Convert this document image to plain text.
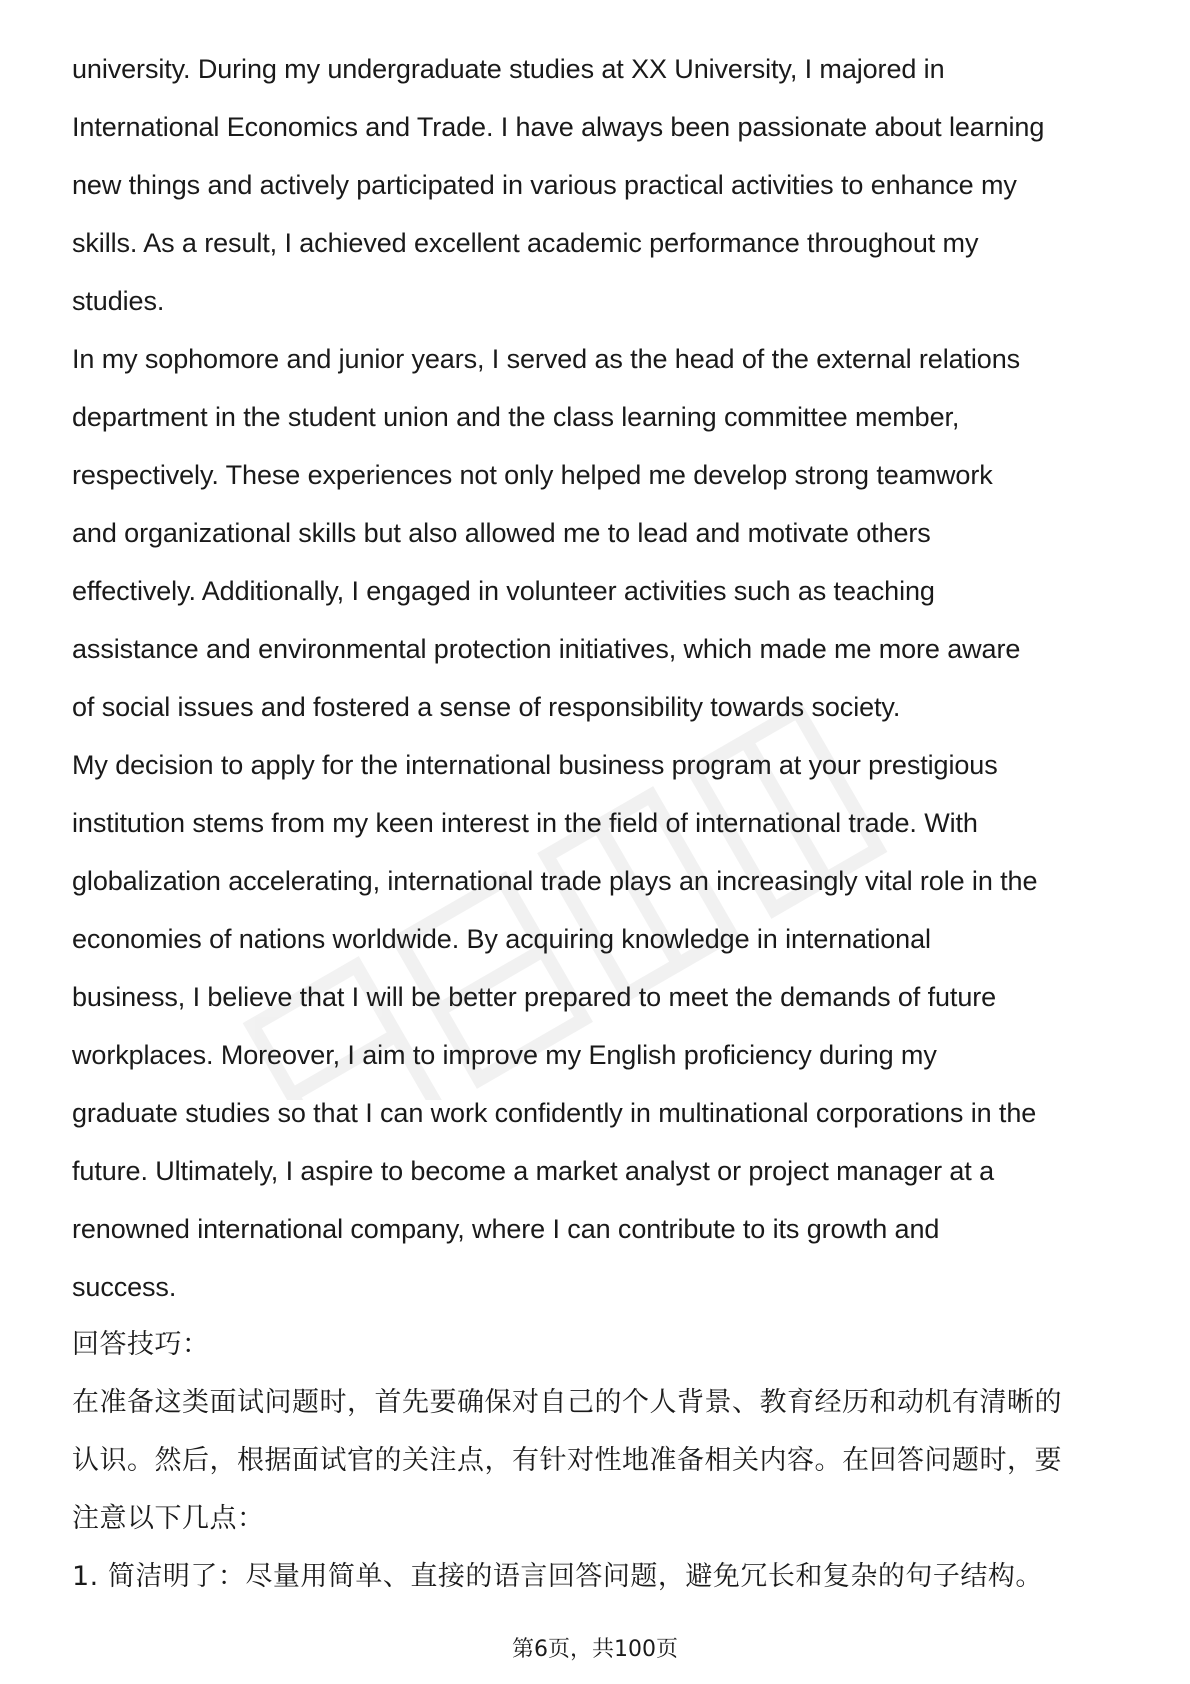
university. During my undergraduate studies at XX University, I majored in
International Economics and Trade. I have always been passionate about learning
new things and actively participated in various practical activities to enhance my
skills. As a result, I achieved excellent academic performance throughout my
studies.
In my sophomore and junior years, I served as the head of the external relations
department in the student union and the class learning committee member,
respectively. These experiences not only helped me develop strong teamwork
and organizational skills but also allowed me to lead and motivate others
effectively. Additionally, I engaged in volunteer activities such as teaching
assistance and environmental protection initiatives, which made me more aware
of social issues and fostered a sense of responsibility towards society.
My decision to apply for the international business program at your prestigious
institution stems from my keen interest in the field of international trade. With
globalization accelerating, international trade plays an increasingly vital role in the
economies of nations worldwide. By acquiring knowledge in international
business, I believe that I will be better prepared to meet the demands of future
workplaces. Moreover, I aim to improve my English proficiency during my
graduate studies so that I can work confidently in multinational corporations in the
future. Ultimately, I aspire to become a market analyst or project manager at a
renowned international company, where I can contribute to its growth and
success.
回答技巧：
在准备这类面试问题时，首先要确保对自己的个人背景、教育经历和动机有清晰的
认识。然后，根据面试官的关注点，有针对性地准备相关内容。在回答问题时，要
注意以下几点：
1. 简洁明了：尽量用简单、直接的语言回答问题，避免冗长和复杂的句子结构。
第6页，共100页
